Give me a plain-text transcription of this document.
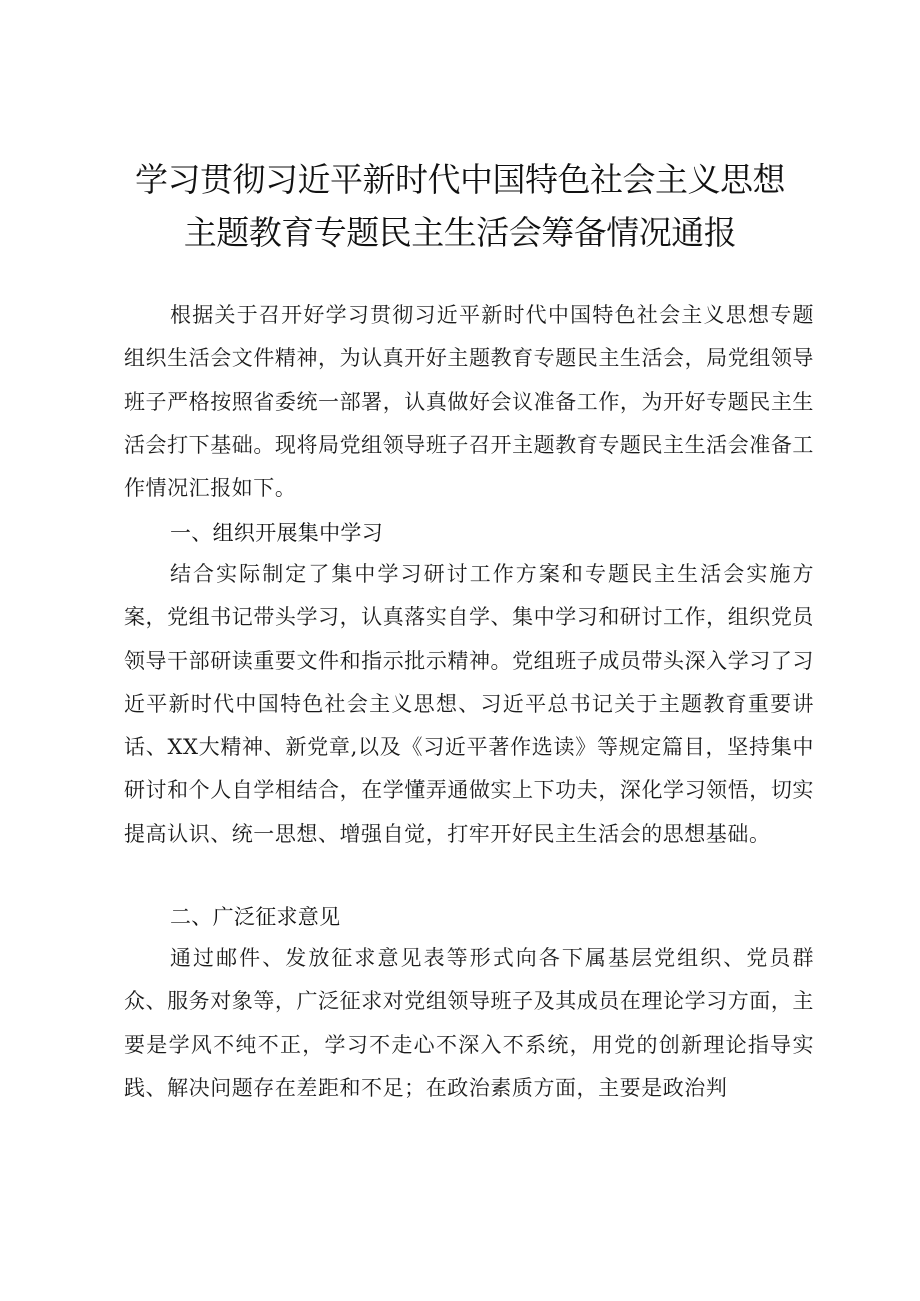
学习贯彻习近平新时代中国特色社会主义思想
主题教育专题民主生活会筹备情况通报

根据关于召开好学习贯彻习近平新时代中国特色社会主义思想专题组织生活会文件精神，为认真开好主题教育专题民主生活会，局党组领导班子严格按照省委统一部署，认真做好会议准备工作，为开好专题民主生活会打下基础。现将局党组领导班子召开主题教育专题民主生活会准备工作情况汇报如下。

一、组织开展集中学习

结合实际制定了集中学习研讨工作方案和专题民主生活会实施方案，党组书记带头学习，认真落实自学、集中学习和研讨工作，组织党员领导干部研读重要文件和指示批示精神。党组班子成员带头深入学习了习近平新时代中国特色社会主义思想、习近平总书记关于主题教育重要讲话、XX大精神、新党章,以及《习近平著作选读》等规定篇目，坚持集中研讨和个人自学相结合，在学懂弄通做实上下功夫，深化学习领悟，切实提高认识、统一思想、增强自觉，打牢开好民主生活会的思想基础。

二、广泛征求意见

通过邮件、发放征求意见表等形式向各下属基层党组织、党员群众、服务对象等，广泛征求对党组领导班子及其成员在理论学习方面，主要是学风不纯不正，学习不走心不深入不系统，用党的创新理论指导实践、解决问题存在差距和不足；在政治素质方面，主要是政治判
